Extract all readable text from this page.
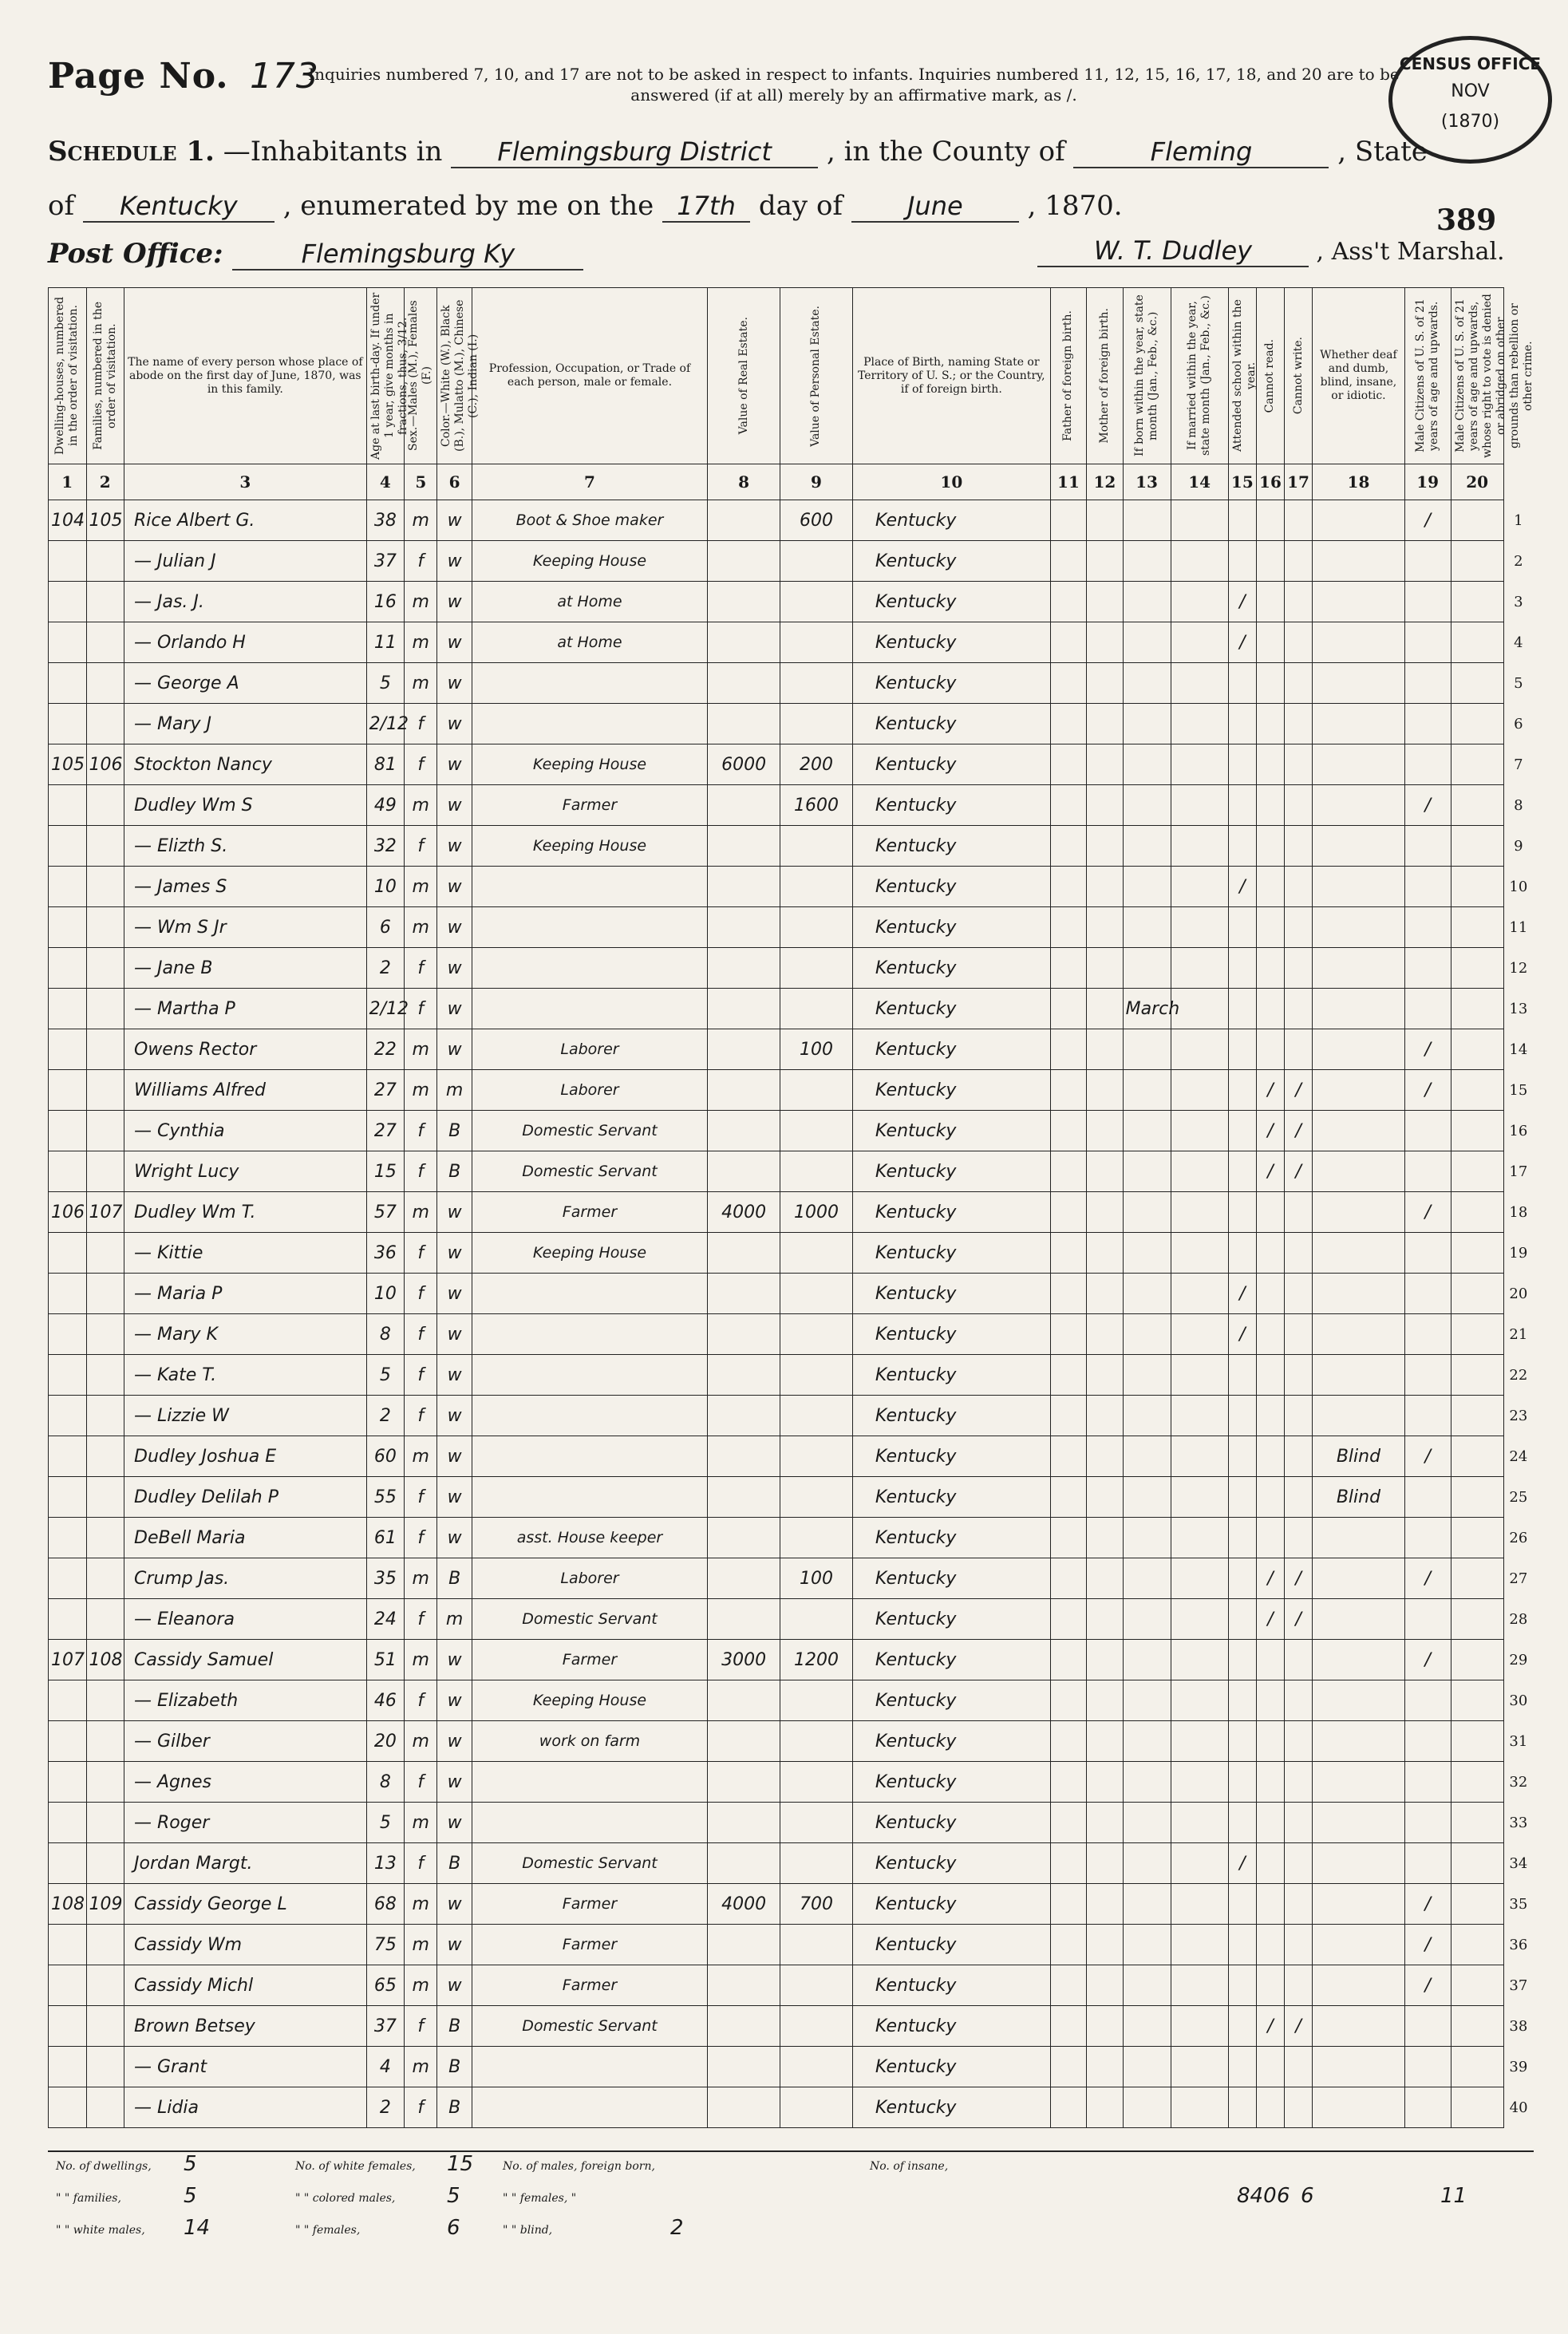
Page No. 173
Inquiries numbered 7, 10, and 17 are not to be asked in respect to infants. Inquiries numbered 11, 12, 15, 16, 17, 18, and 20 are to be answered (if at all) merely by an affirmative mark, as /.
CENSUS OFFICE
NOV
(1870)
Schedule 1. —Inhabitants in Flemingsburg District , in the County of	Fleming	, State
of Kentucky , enumerated by me on the 17th day of	June , 1870.	389
Post Office:	Flemingsburg Ky	W. T. Dudley	, Ass't Marshal.
Dwelling-houses, numbered in the order of visitation.	Families, numbered in the order of visitation.	The name of every person whose place of abode on the first day of June, 1870, was in this family.	Age at last birth-day. If under 1 year, give months in fractions, thus, 3/12.	Sex.—Males (M.), Females (F.)	Color.—White (W.), Black (B.), Mulatto (M.), Chinese (C.), Indian (I.)	Profession, Occupation, or Trade of each person, male or female.	Value of Real Estate.	Value of Personal Estate.	Place of Birth, naming State or Territory of U. S.; or the Country, if of foreign birth.	Father of foreign birth.	Mother of foreign birth.	If born within the year, state month (Jan., Feb., &c.)	If married within the year, state month (Jan., Feb., &c.)	Attended school within the year.	Cannot read.	Cannot write.	Whether deaf and dumb, blind, insane, or idiotic.	Male Citizens of U. S. of 21 years of age and upwards.	Male Citizens of U. S. of 21 years of age and upwards, whose right to vote is denied or abridged on other grounds than rebellion or other crime.	

1	2	3	4	5	6	7	8	9	10	11	12	13	14	15	16	17	18	19	20	
104	105	Rice Albert G.	38	m	w	Boot & Shoe maker		600	Kentucky									/		1
		— Julian J	37	f	w	Keeping House			Kentucky											2
		— Jas. J.	16	m	w	at Home			Kentucky					/						3
		— Orlando H	11	m	w	at Home			Kentucky					/						4
		— George A	5	m	w				Kentucky											5
		— Mary J	2/12	f	w				Kentucky											6
105	106	Stockton Nancy	81	f	w	Keeping House	6000	200	Kentucky											7
		Dudley Wm S	49	m	w	Farmer		1600	Kentucky									/		8
		— Elizth S.	32	f	w	Keeping House			Kentucky											9
		— James S	10	m	w				Kentucky					/						10
		— Wm S Jr	6	m	w				Kentucky											11
		— Jane B	2	f	w				Kentucky											12
		— Martha P	2/12	f	w				Kentucky			March								13
		Owens Rector	22	m	w	Laborer		100	Kentucky									/		14
		Williams Alfred	27	m	m	Laborer			Kentucky						/	/		/		15
		— Cynthia	27	f	B	Domestic Servant			Kentucky						/	/				16
		Wright Lucy	15	f	B	Domestic Servant			Kentucky						/	/				17
106	107	Dudley Wm T.	57	m	w	Farmer	4000	1000	Kentucky									/		18
		— Kittie	36	f	w	Keeping House			Kentucky											19
		— Maria P	10	f	w				Kentucky					/						20
		— Mary K	8	f	w				Kentucky					/						21
		— Kate T.	5	f	w				Kentucky											22
		— Lizzie W	2	f	w				Kentucky											23
		Dudley Joshua E	60	m	w				Kentucky								Blind	/		24
		Dudley Delilah P	55	f	w				Kentucky								Blind			25
		DeBell Maria	61	f	w	asst. House keeper			Kentucky											26
		Crump Jas.	35	m	B	Laborer		100	Kentucky						/	/		/		27
		— Eleanora	24	f	m	Domestic Servant			Kentucky						/	/				28
107	108	Cassidy Samuel	51	m	w	Farmer	3000	1200	Kentucky									/		29
		— Elizabeth	46	f	w	Keeping House			Kentucky											30
		— Gilber	20	m	w	work on farm			Kentucky											31
		— Agnes	8	f	w				Kentucky											32
		— Roger	5	m	w				Kentucky											33
		Jordan Margt.	13	f	B	Domestic Servant			Kentucky					/						34
108	109	Cassidy George L	68	m	w	Farmer	4000	700	Kentucky									/		35
		Cassidy Wm	75	m	w	Farmer			Kentucky									/		36
		Cassidy Michl	65	m	w	Farmer			Kentucky									/		37
		Brown Betsey	37	f	B	Domestic Servant			Kentucky						/	/				38
		— Grant	4	m	B				Kentucky											39
		— Lidia	2	f	B				Kentucky											40
No. of dwellings, 5
" " families,	5
" " white males, 14
No. of white females, 15
" " colored males, 5
" " females,	6
No. of males, foreign born,
" " females, "
" " blind,	2
No. of insane,
840 6 6	11
